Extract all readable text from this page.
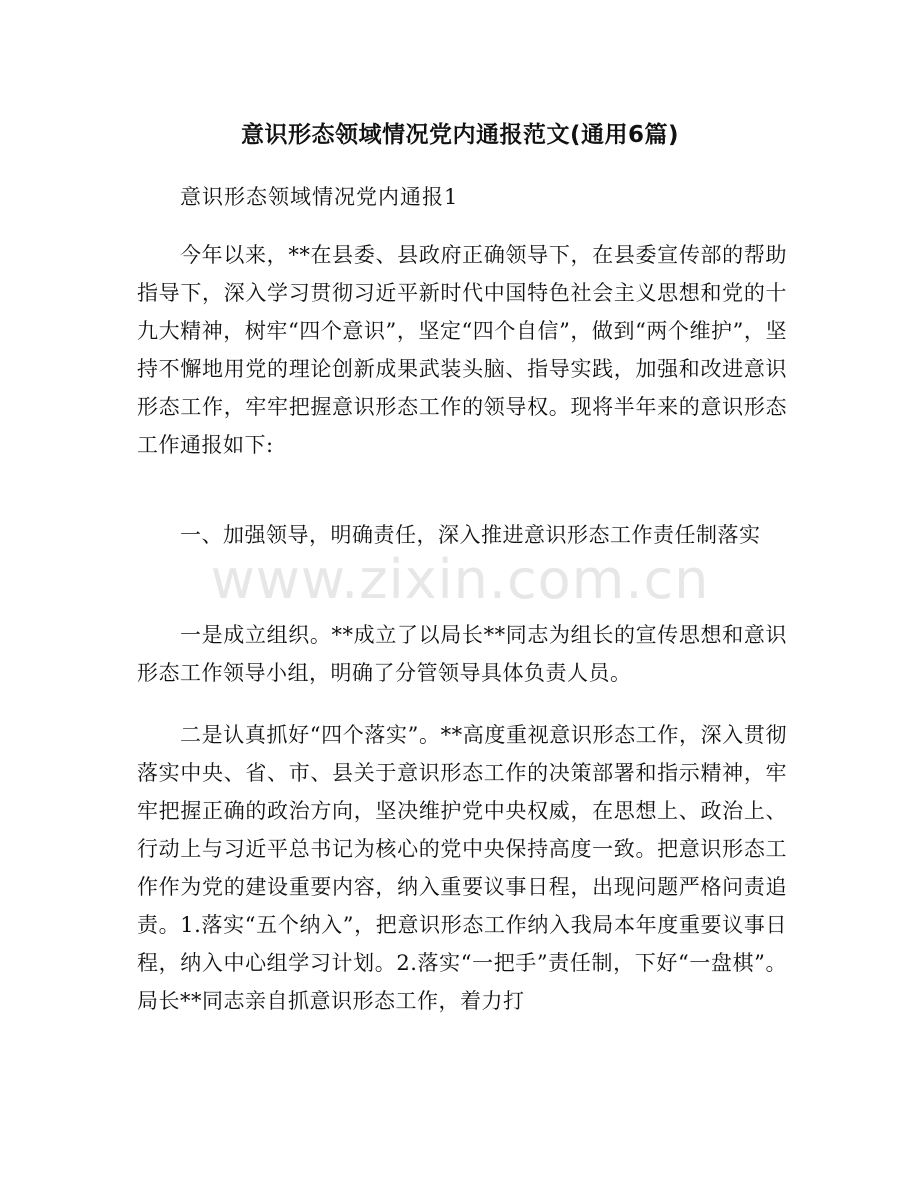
意识形态领域情况党内通报范文(通用6篇)
意识形态领域情况党内通报1
今年以来，**在县委、县政府正确领导下，在县委宣传部的帮助指导下，深入学习贯彻习近平新时代中国特色社会主义思想和党的十九大精神，树牢“四个意识”，坚定“四个自信”，做到“两个维护”，坚持不懈地用党的理论创新成果武装头脑、指导实践，加强和改进意识形态工作，牢牢把握意识形态工作的领导权。现将半年来的意识形态工作通报如下:
一、加强领导，明确责任，深入推进意识形态工作责任制落实
一是成立组织。**成立了以局长**同志为组长的宣传思想和意识形态工作领导小组，明确了分管领导具体负责人员。
二是认真抓好“四个落实”。**高度重视意识形态工作，深入贯彻落实中央、省、市、县关于意识形态工作的决策部署和指示精神，牢牢把握正确的政治方向，坚决维护党中央权威，在思想上、政治上、行动上与习近平总书记为核心的党中央保持高度一致。把意识形态工作作为党的建设重要内容，纳入重要议事日程，出现问题严格问责追责。1.落实“五个纳入”，把意识形态工作纳入我局本年度重要议事日程，纳入中心组学习计划。2.落实“一把手”责任制，下好“一盘棋”。局长**同志亲自抓意识形态工作，着力打
www.zixin.com.cn
